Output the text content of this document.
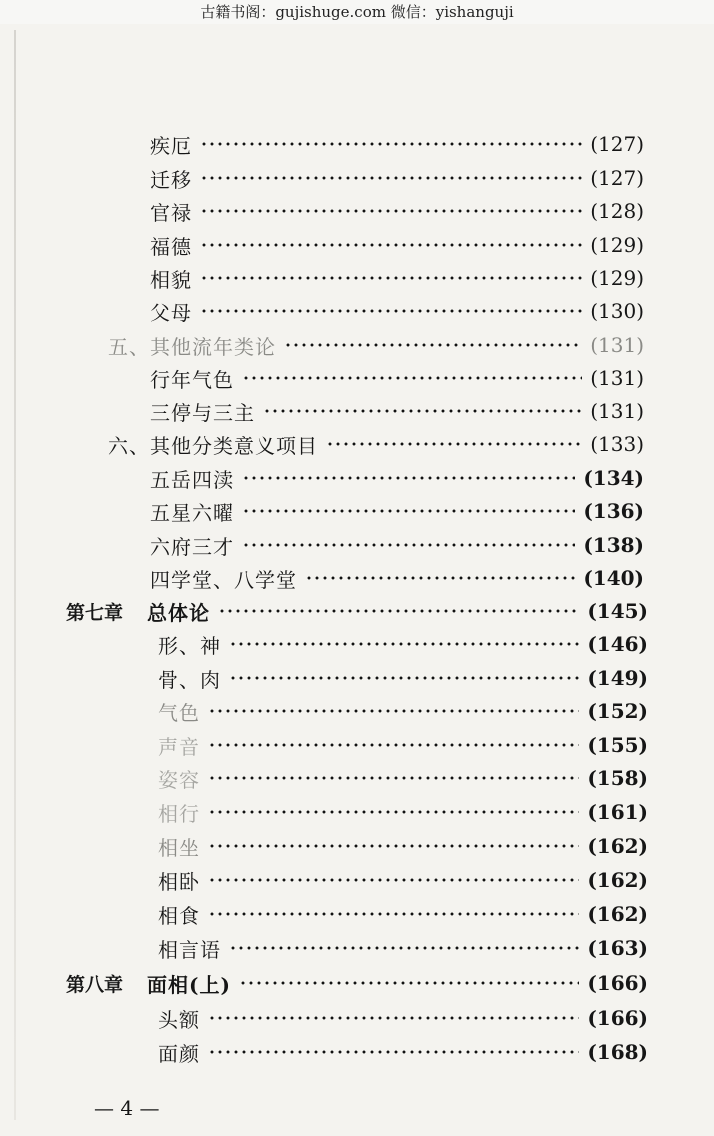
古籍书阁：gujishuge.com 微信：yishanguji
疾厄	(127)
迁移	(127)
官禄	(128)
福德	(129)
相貌	(129)
父母	(130)
五、其他流年类论	(131)
行年气色	(131)
三停与三主	(131)
六、其他分类意义项目	(133)
五岳四渎	(134)
五星六曜	(136)
六府三才	(138)
四学堂、八学堂	(140)
第七章 总体论	(145)
形、神	(146)
骨、肉	(149)
气色	(152)
声音	(155)
姿容	(158)
相行	(161)
相坐	(162)
相卧	(162)
相食	(162)
相言语	(163)
第八章 面相(上)	(166)
头额	(166)
面颜	(168)
— 4 —
